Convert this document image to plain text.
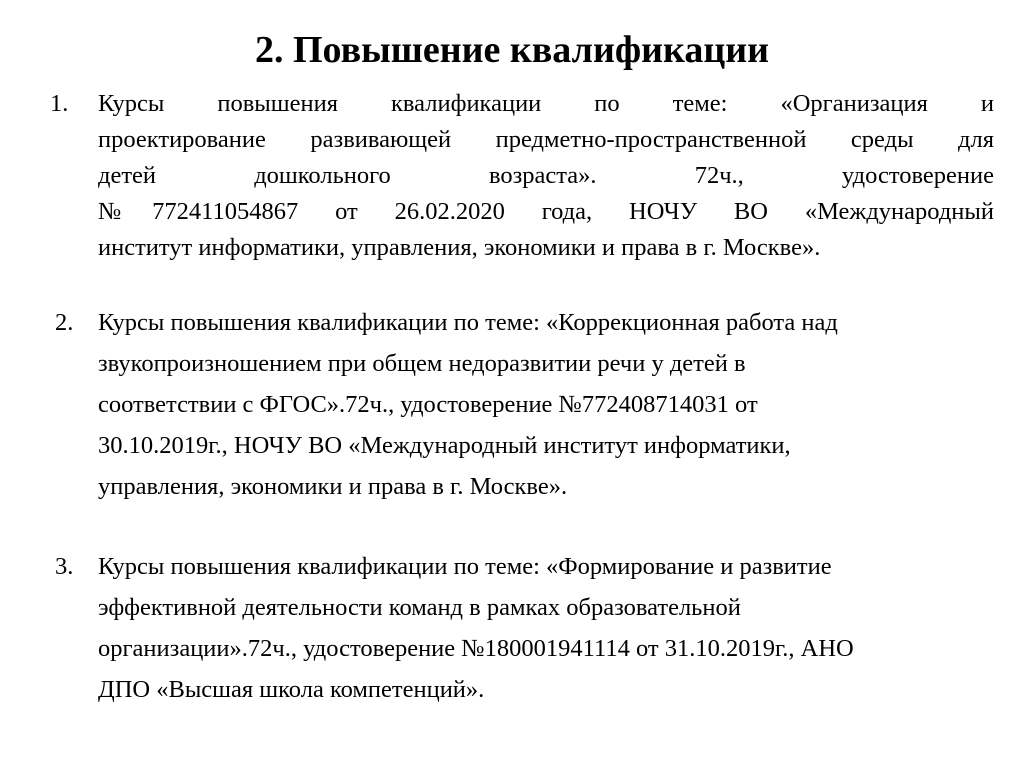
2. Повышение квалификации
1. Курсы повышения квалификации по теме: «Организация и
проектирование развивающей предметно-пространственной среды для
детей дошкольного возраста». 72ч., удостоверение
№772411054867 от 26.02.2020 года, НОЧУ ВО «Международный
институт информатики, управления, экономики и права в г. Москве».
2. Курсы повышения квалификации по теме: «Коррекционная работа над
звукопроизношением при общем недоразвитии речи у детей в
соответствии с ФГОС».72ч., удостоверение №772408714031 от
30.10.2019г., НОЧУ ВО «Международный институт информатики,
управления, экономики и права в г. Москве».
3. Курсы повышения квалификации по теме: «Формирование и развитие
эффективной деятельности команд в рамках образовательной
организации».72ч., удостоверение №180001941114 от 31.10.2019г., АНО
ДПО «Высшая школа компетенций».
